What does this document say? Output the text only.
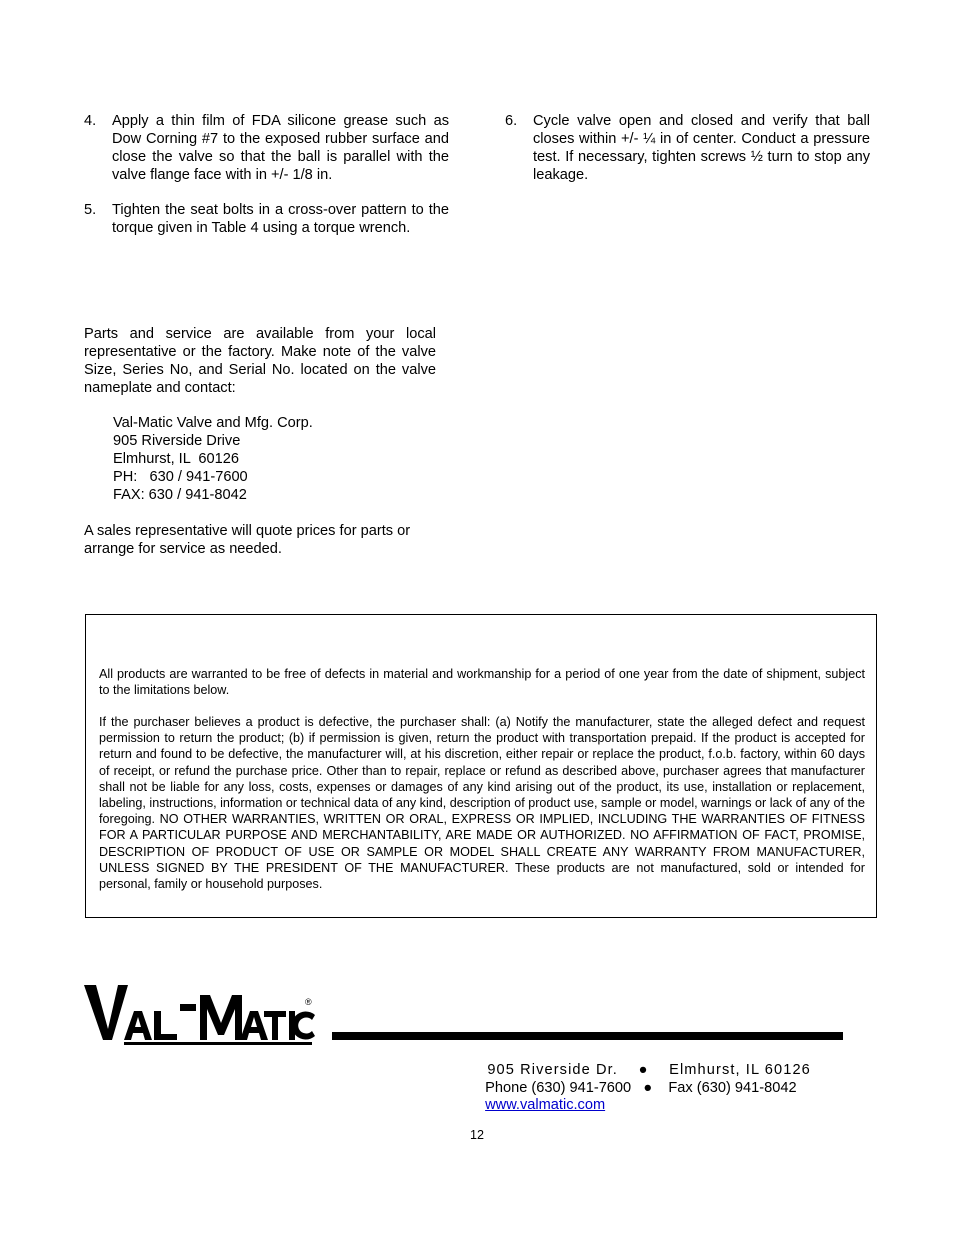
4. Apply a thin film of FDA silicone grease such as Dow Corning #7 to the exposed rubber surface and close the valve so that the ball is parallel with the valve flange face with in +/- 1/8 in.
5. Tighten the seat bolts in a cross-over pattern to the torque given in Table 4 using a torque wrench.
6. Cycle valve open and closed and verify that ball closes within +/- ¼ in of center. Conduct a pressure test. If necessary, tighten screws ½ turn to stop any leakage.
Parts and service are available from your local representative or the factory. Make note of the valve Size, Series No, and Serial No. located on the valve nameplate and contact:
Val-Matic Valve and Mfg. Corp.
905 Riverside Drive
Elmhurst, IL  60126
PH:   630 / 941-7600
FAX: 630 / 941-8042
A sales representative will quote prices for parts or arrange for service as needed.
All products are warranted to be free of defects in material and workmanship for a period of one year from the date of shipment, subject to the limitations below.
If the purchaser believes a product is defective, the purchaser shall: (a) Notify the manufacturer, state the alleged defect and request permission to return the product; (b) if permission is given, return the product with transportation prepaid. If the product is accepted for return and found to be defective, the manufacturer will, at his discretion, either repair or replace the product, f.o.b. factory, within 60 days of receipt, or refund the purchase price. Other than to repair, replace or refund as described above, purchaser agrees that manufacturer shall not be liable for any loss, costs, expenses or damages of any kind arising out of the product, its use, installation or replacement, labeling, instructions, information or technical data of any kind, description of product use, sample or model, warnings or lack of any of the foregoing. NO OTHER WARRANTIES, WRITTEN OR ORAL, EXPRESS OR IMPLIED, INCLUDING THE WARRANTIES OF FITNESS FOR A PARTICULAR PURPOSE AND MERCHANTABILITY, ARE MADE OR AUTHORIZED. NO AFFIRMATION OF FACT, PROMISE, DESCRIPTION OF PRODUCT OF USE OR SAMPLE OR MODEL SHALL CREATE ANY WARRANTY FROM MANUFACTURER, UNLESS SIGNED BY THE PRESIDENT OF THE MANUFACTURER. These products are not manufactured, sold or intended for personal, family or household purposes.
®

905 Riverside Dr. ● Elmhurst, IL 60126

Phone (630) 941-7600 ● Fax (630) 941-8042

www.valmatic.com

12
